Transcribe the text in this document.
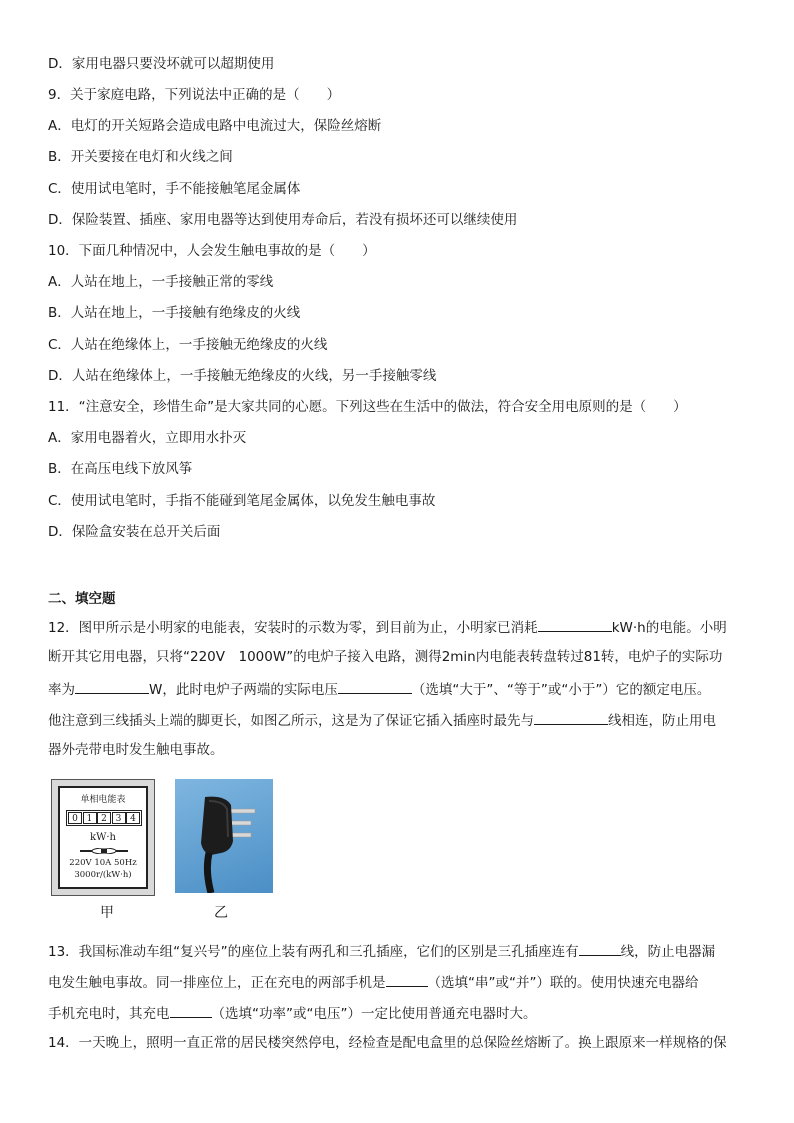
D．家用电器只要没坏就可以超期使用
9．关于家庭电路，下列说法中正确的是（　　）
A．电灯的开关短路会造成电路中电流过大，保险丝熔断
B．开关要接在电灯和火线之间
C．使用试电笔时，手不能接触笔尾金属体
D．保险装置、插座、家用电器等达到使用寿命后，若没有损坏还可以继续使用
10．下面几种情况中，人会发生触电事故的是（　　）
A．人站在地上，一手接触正常的零线
B．人站在地上，一手接触有绝缘皮的火线
C．人站在绝缘体上，一手接触无绝缘皮的火线
D．人站在绝缘体上，一手接触无绝缘皮的火线，另一手接触零线
11．“注意安全，珍惜生命”是大家共同的心愿。下列这些在生活中的做法，符合安全用电原则的是（　　）
A．家用电器着火，立即用水扑灭
B．在高压电线下放风筝
C．使用试电笔时，手指不能碰到笔尾金属体，以免发生触电事故
D．保险盒安装在总开关后面
二、填空题
12．图甲所示是小明家的电能表，安装时的示数为零，到目前为止，小明家已消耗	kW·h的电能。小明
断开其它用电器，只将“220V　1000W”的电炉子接入电路，测得2min内电能表转盘转过81转，电炉子的实际功
率为	W，此时电炉子两端的实际电压	（选填“大于”、“等于”或“小于”）它的额定电压。
他注意到三线插头上端的脚更长，如图乙所示，这是为了保证它插入插座时最先与	线相连，防止用电
器外壳带电时发生触电事故。
单相电能表
0 1 2 3 4
kW·h
220V 10A 50Hz
3000r/(kW·h)
甲	乙
13．我国标准动车组“复兴号”的座位上装有两孔和三孔插座，它们的区别是三孔插座连有	线，防止电器漏
电发生触电事故。同一排座位上，正在充电的两部手机是	（选填“串”或“并”）联的。使用快速充电器给
手机充电时，其充电	（选填“功率”或“电压”）一定比使用普通充电器时大。
14．一天晚上，照明一直正常的居民楼突然停电，经检查是配电盒里的总保险丝熔断了。换上跟原来一样规格的保
